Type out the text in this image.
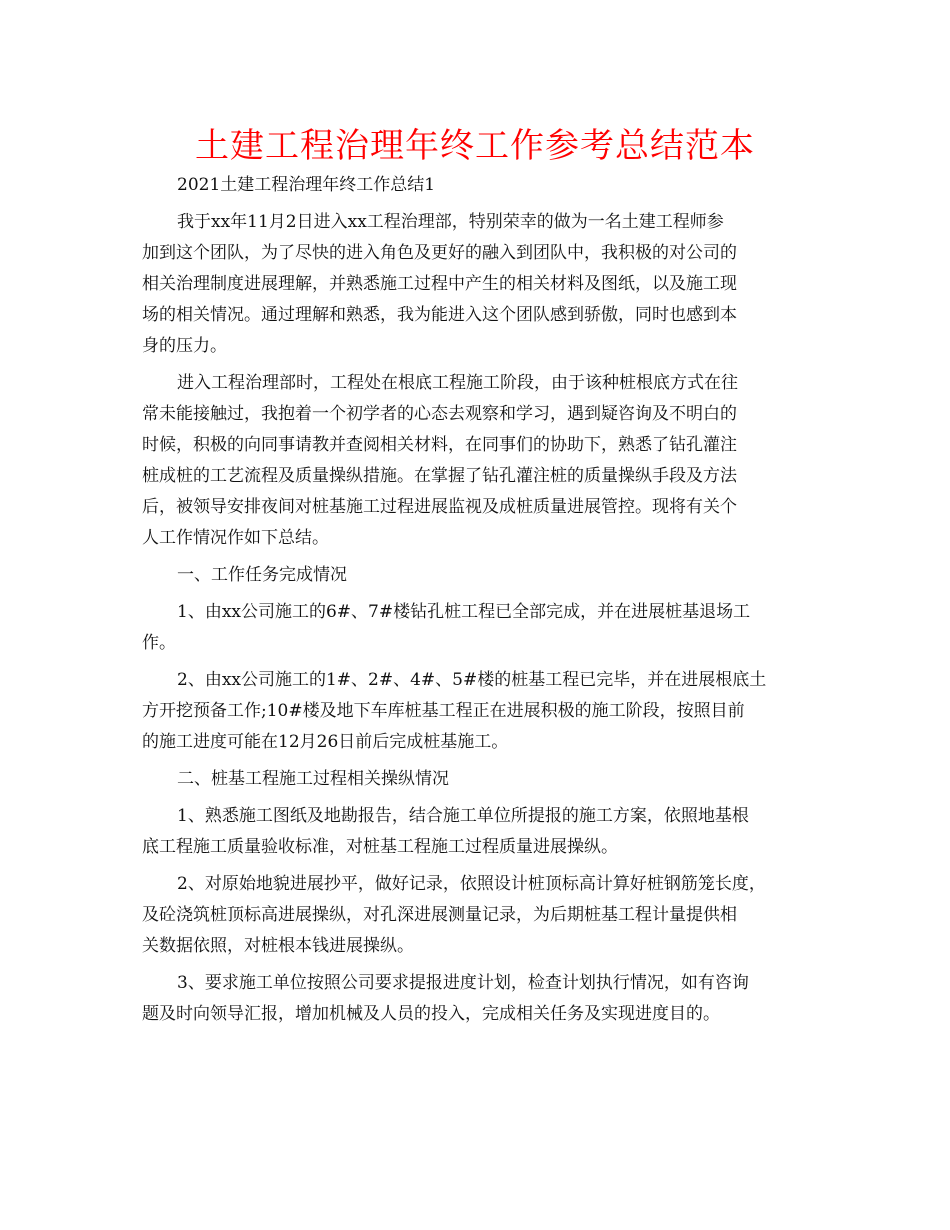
土建工程治理年终工作参考总结范本
2021土建工程治理年终工作总结1
我于xx年11月2日进入xx工程治理部，特别荣幸的做为一名土建工程师参
加到这个团队，为了尽快的进入角色及更好的融入到团队中，我积极的对公司的
相关治理制度进展理解，并熟悉施工过程中产生的相关材料及图纸，以及施工现
场的相关情况。通过理解和熟悉，我为能进入这个团队感到骄傲，同时也感到本
身的压力。
进入工程治理部时，工程处在根底工程施工阶段，由于该种桩根底方式在往
常未能接触过，我抱着一个初学者的心态去观察和学习，遇到疑咨询及不明白的
时候，积极的向同事请教并查阅相关材料，在同事们的协助下，熟悉了钻孔灌注
桩成桩的工艺流程及质量操纵措施。在掌握了钻孔灌注桩的质量操纵手段及方法
后，被领导安排夜间对桩基施工过程进展监视及成桩质量进展管控。现将有关个
人工作情况作如下总结。
一、工作任务完成情况
1、由xx公司施工的6#、7#楼钻孔桩工程已全部完成，并在进展桩基退场工
作。
2、由xx公司施工的1#、2#、4#、5#楼的桩基工程已完毕，并在进展根底土
方开挖预备工作;10#楼及地下车库桩基工程正在进展积极的施工阶段，按照目前
的施工进度可能在12月26日前后完成桩基施工。
二、桩基工程施工过程相关操纵情况
1、熟悉施工图纸及地勘报告，结合施工单位所提报的施工方案，依照地基根
底工程施工质量验收标准，对桩基工程施工过程质量进展操纵。
2、对原始地貌进展抄平，做好记录，依照设计桩顶标高计算好桩钢筋笼长度，
及砼浇筑桩顶标高进展操纵，对孔深进展测量记录，为后期桩基工程计量提供相
关数据依照，对桩根本钱进展操纵。
3、要求施工单位按照公司要求提报进度计划，检查计划执行情况，如有咨询
题及时向领导汇报，增加机械及人员的投入，完成相关任务及实现进度目的。
